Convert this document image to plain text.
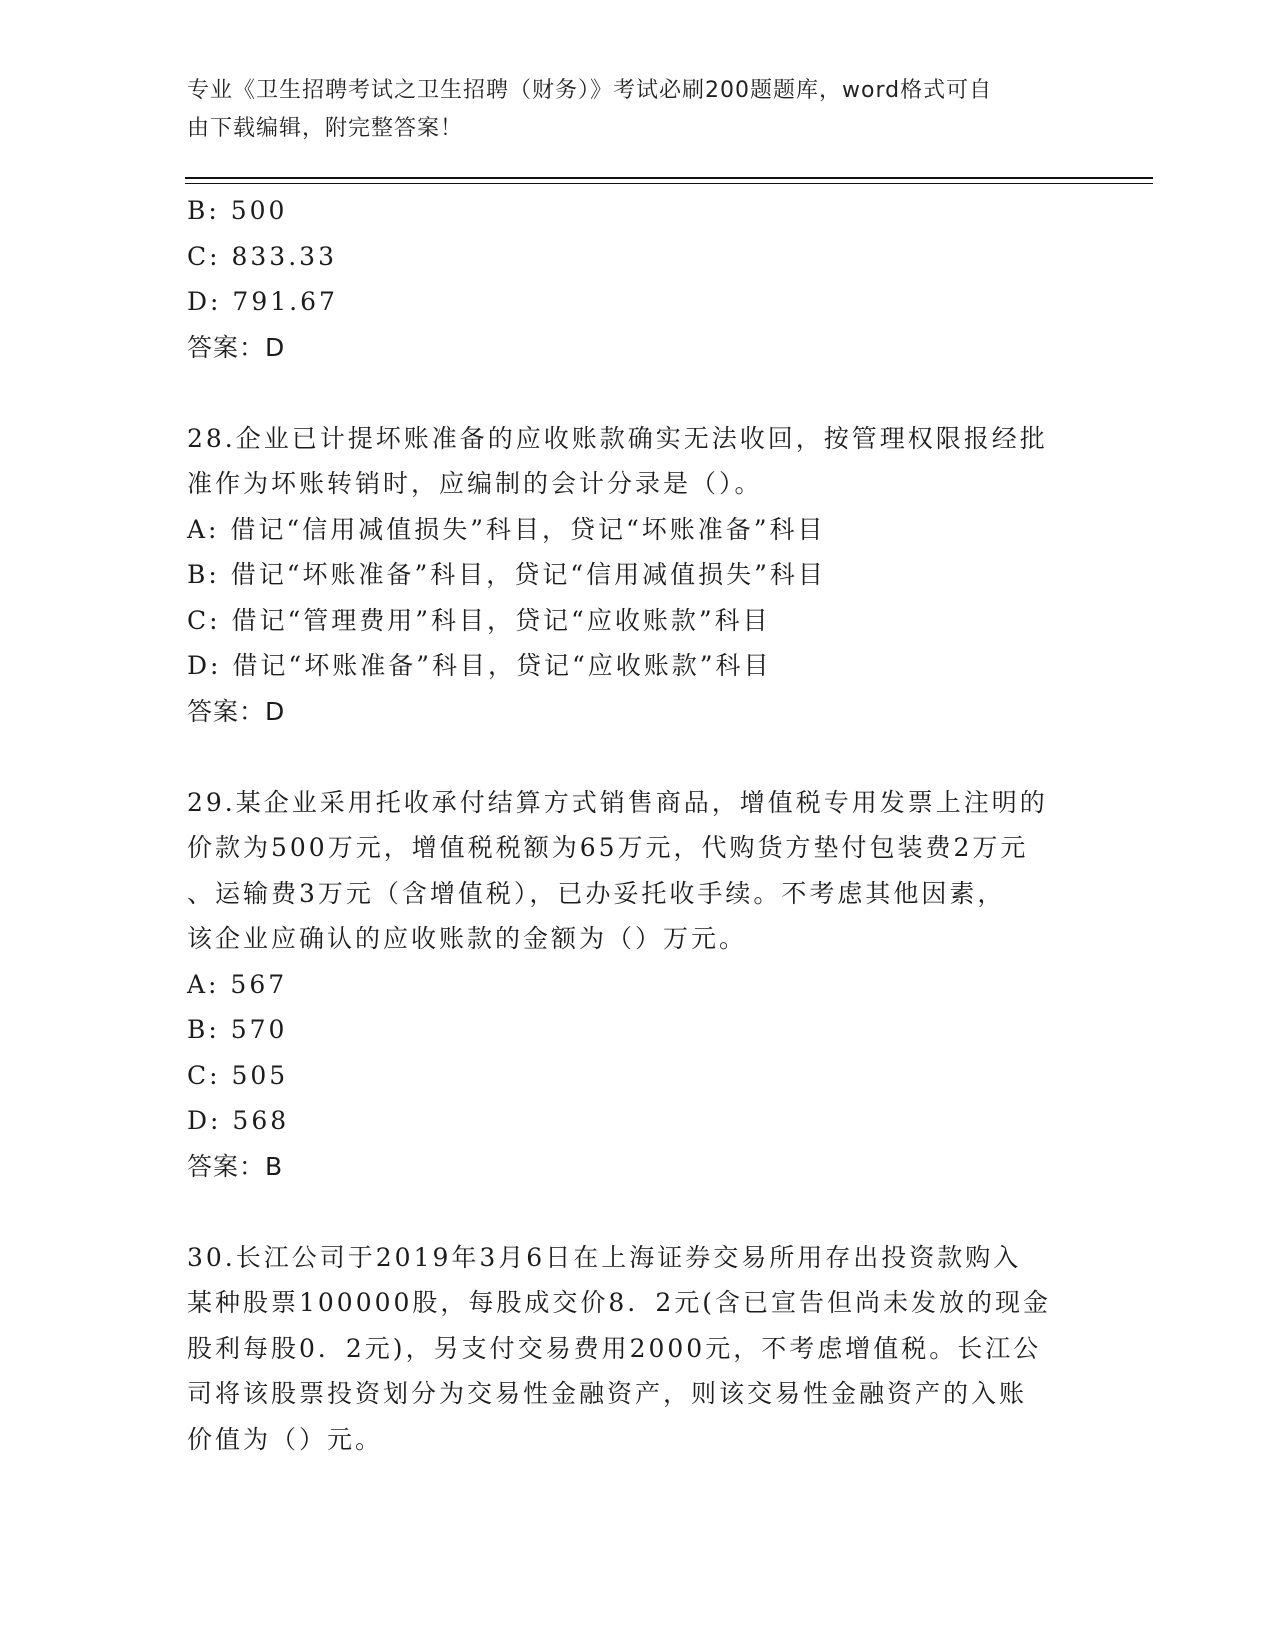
专业《卫生招聘考试之卫生招聘（财务）》考试必刷200题题库，word格式可自
由下载编辑，附完整答案！
B: 500
C: 833.33
D: 791.67
答案：D
28.企业已计提坏账准备的应收账款确实无法收回，按管理权限报经批
准作为坏账转销时，应编制的会计分录是（）。
A: 借记“信用减值损失”科目，贷记“坏账准备”科目
B: 借记“坏账准备”科目，贷记“信用减值损失”科目
C: 借记“管理费用”科目，贷记“应收账款”科目
D: 借记“坏账准备”科目，贷记“应收账款”科目
答案：D
29.某企业采用托收承付结算方式销售商品，增值税专用发票上注明的
价款为500万元，增值税税额为65万元，代购货方垫付包装费2万元
、运输费3万元（含增值税），已办妥托收手续。不考虑其他因素，
该企业应确认的应收账款的金额为（）万元。
A: 567
B: 570
C: 505
D: 568
答案：B
30.长江公司于2019年3月6日在上海证券交易所用存出投资款购入
某种股票100000股，每股成交价8．2元(含已宣告但尚未发放的现金
股利每股0．2元)，另支付交易费用2000元，不考虑增值税。长江公
司将该股票投资划分为交易性金融资产，则该交易性金融资产的入账
价值为（）元。
